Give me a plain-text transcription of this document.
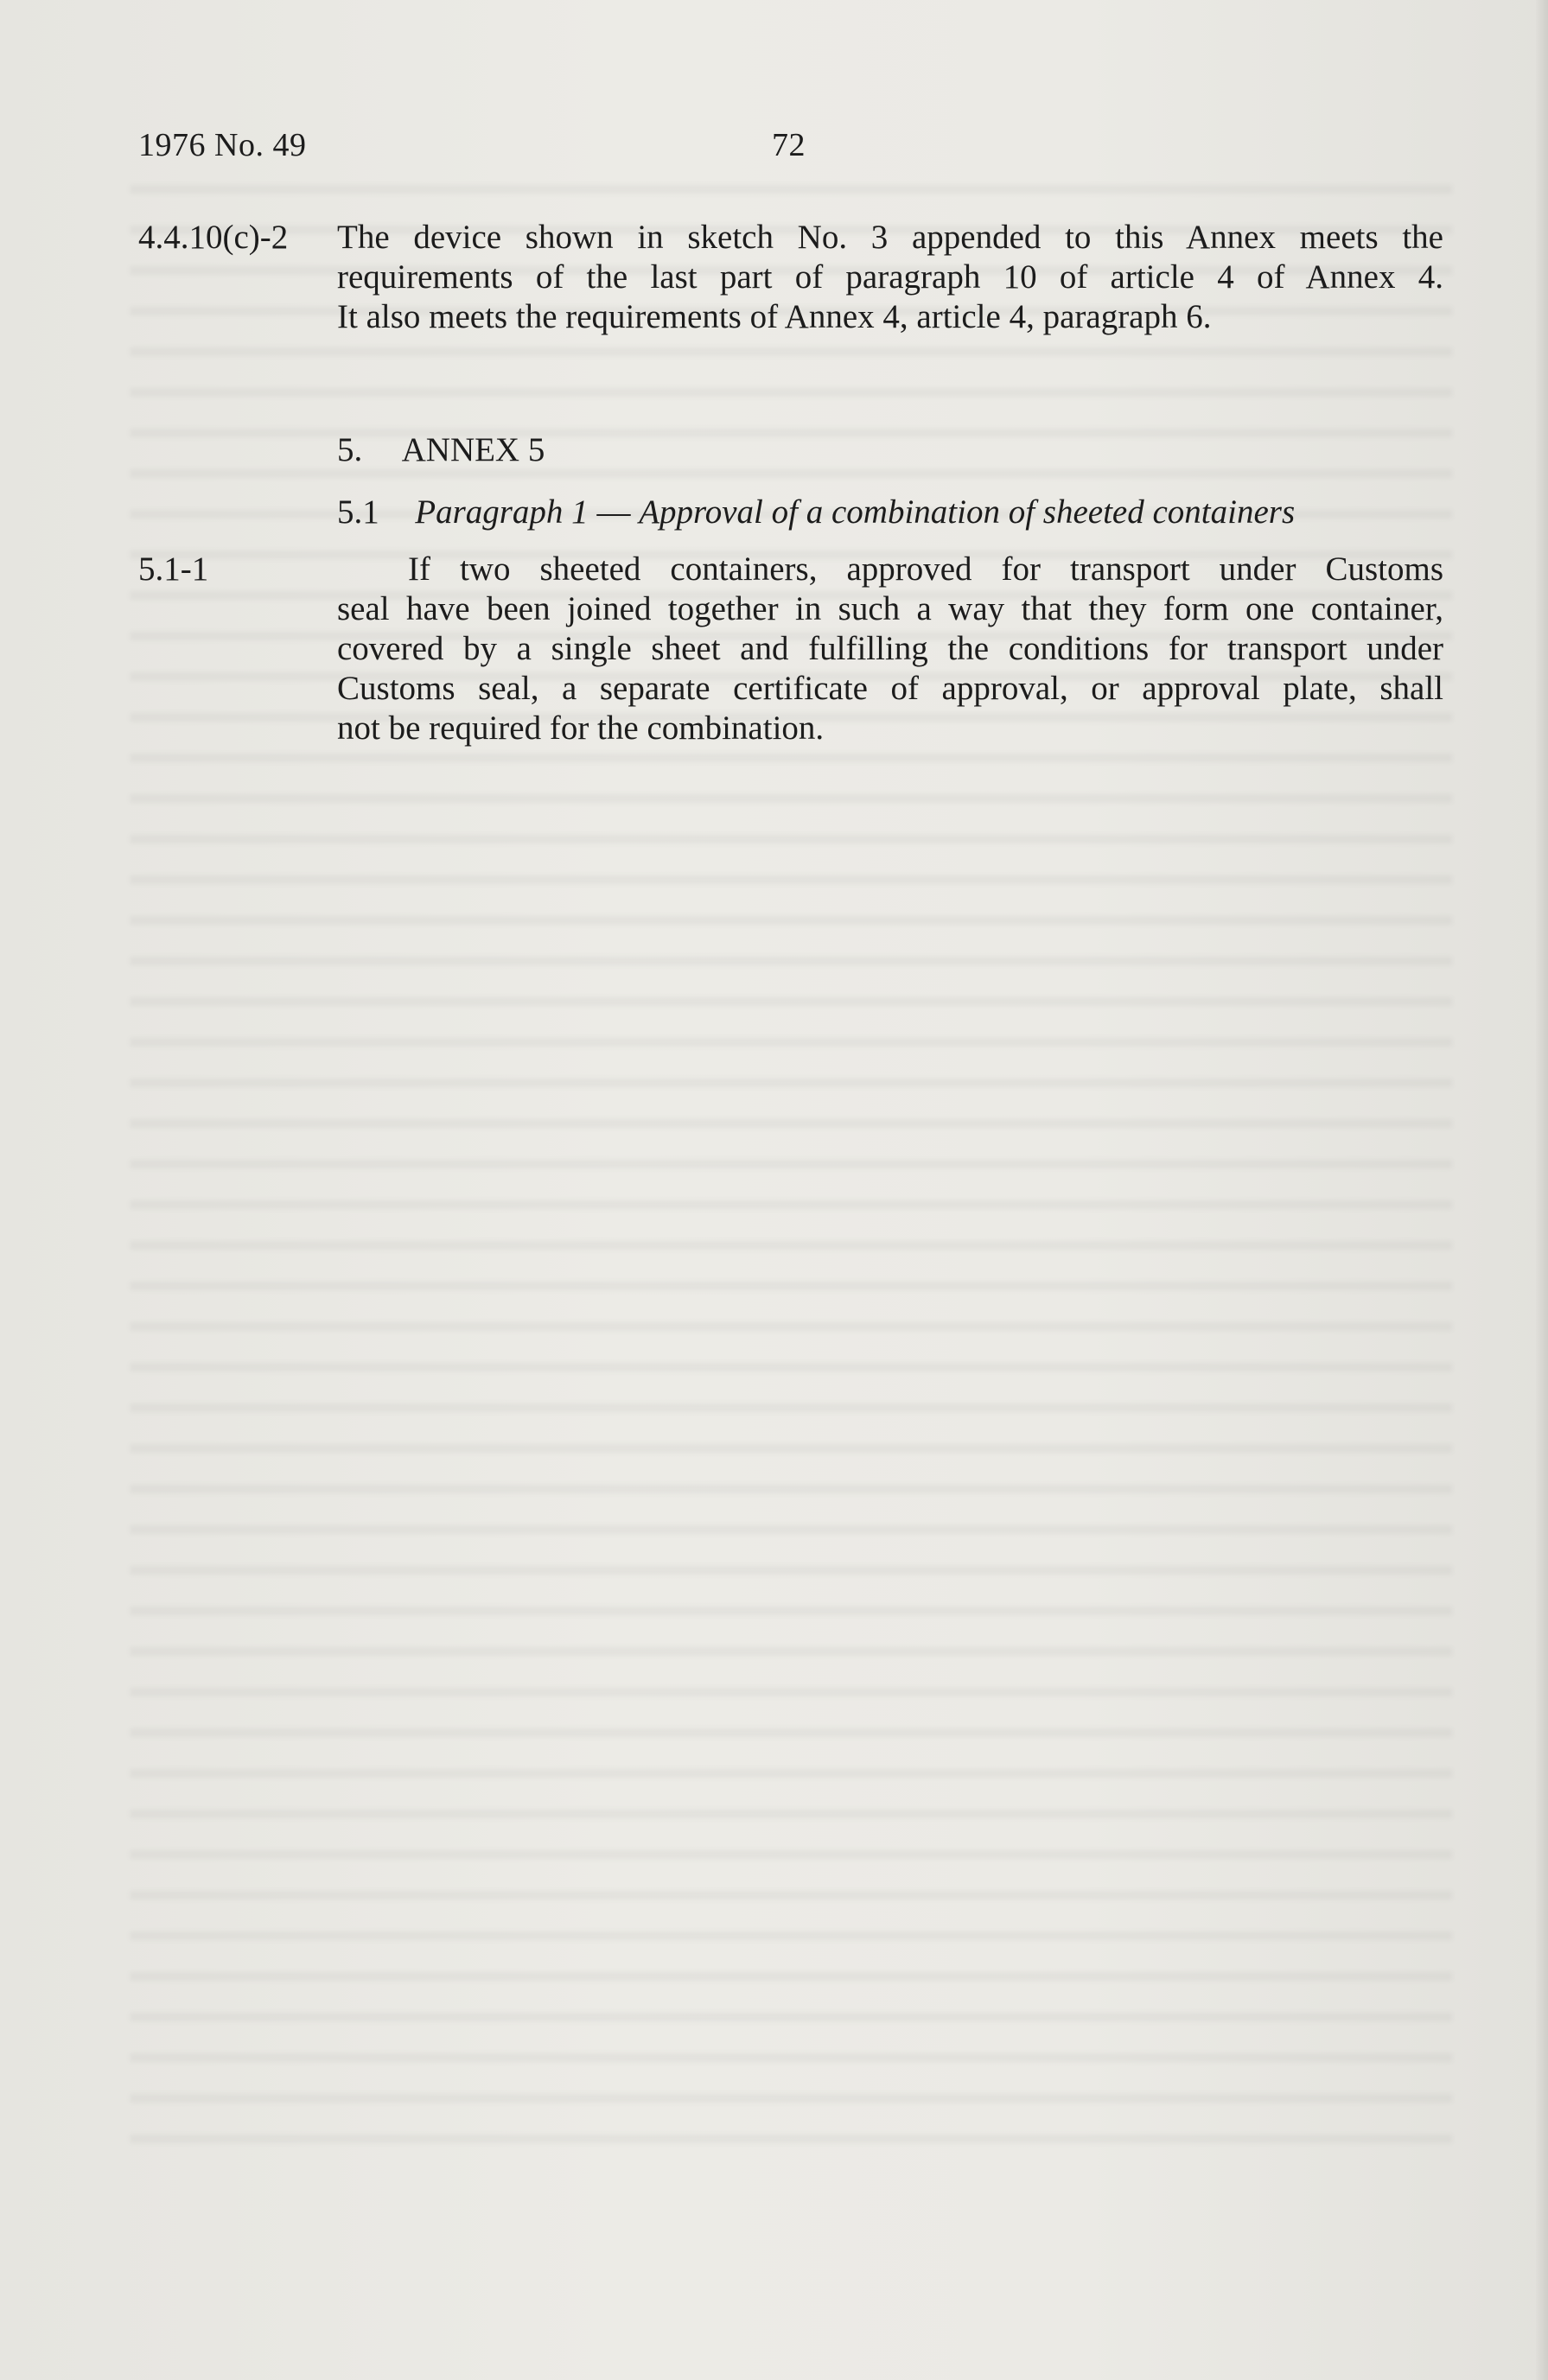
1976 No. 49	72
4.4.10(c)-2 The device shown in sketch No. 3 appended to this Annex meets the
requirements of the last part of paragraph 10 of article 4 of Annex 4.
It also meets the requirements of Annex 4, article 4, paragraph 6.
5. ANNEX 5
5.1 Paragraph 1 — Approval of a combination of sheeted containers
5.1-1	If two sheeted containers, approved for transport under Customs
seal have been joined together in such a way that they form one container,
covered by a single sheet and fulfilling the conditions for transport under
Customs seal, a separate certificate of approval, or approval plate, shall
not be required for the combination.
